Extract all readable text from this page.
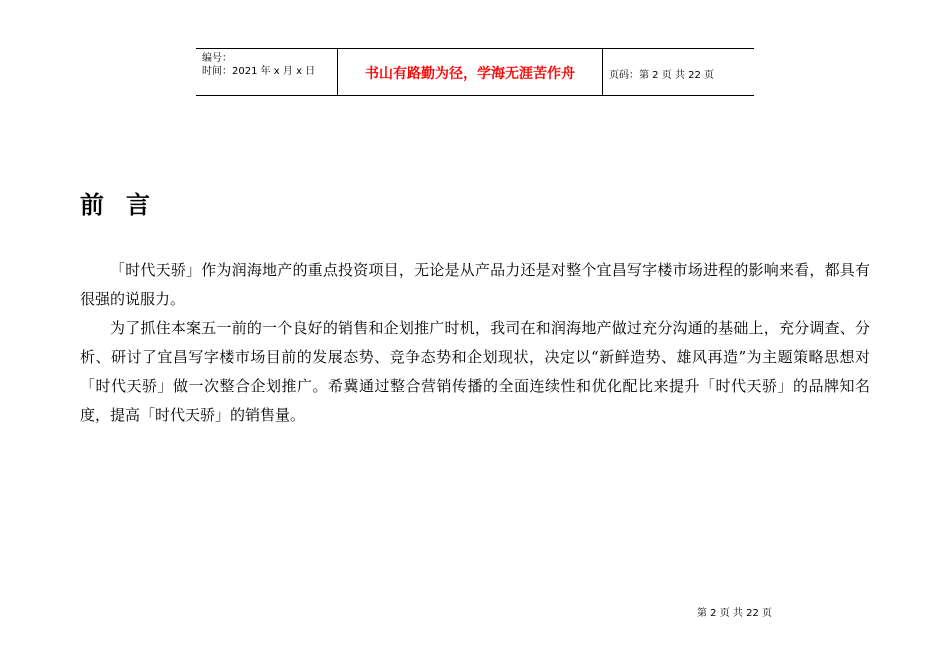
编号：
时间：2021 年 x 月 x 日	书山有路勤为径，学海无涯苦作舟	页码：第 2 页 共 22 页
前言

「时代天骄」作为润海地产的重点投资项目，无论是从产品力还是对整个宜昌写字楼市场进程的影响来看，都具有很强的说服力。

为了抓住本案五一前的一个良好的销售和企划推广时机，我司在和润海地产做过充分沟通的基础上，充分调查、分析、研讨了宜昌写字楼市场目前的发展态势、竞争态势和企划现状，决定以“新鲜造势、雄风再造”为主题策略思想对「时代天骄」做一次整合企划推广。希冀通过整合营销传播的全面连续性和优化配比来提升「时代天骄」的品牌知名度，提高「时代天骄」的销售量。

第 2 页 共 22 页
